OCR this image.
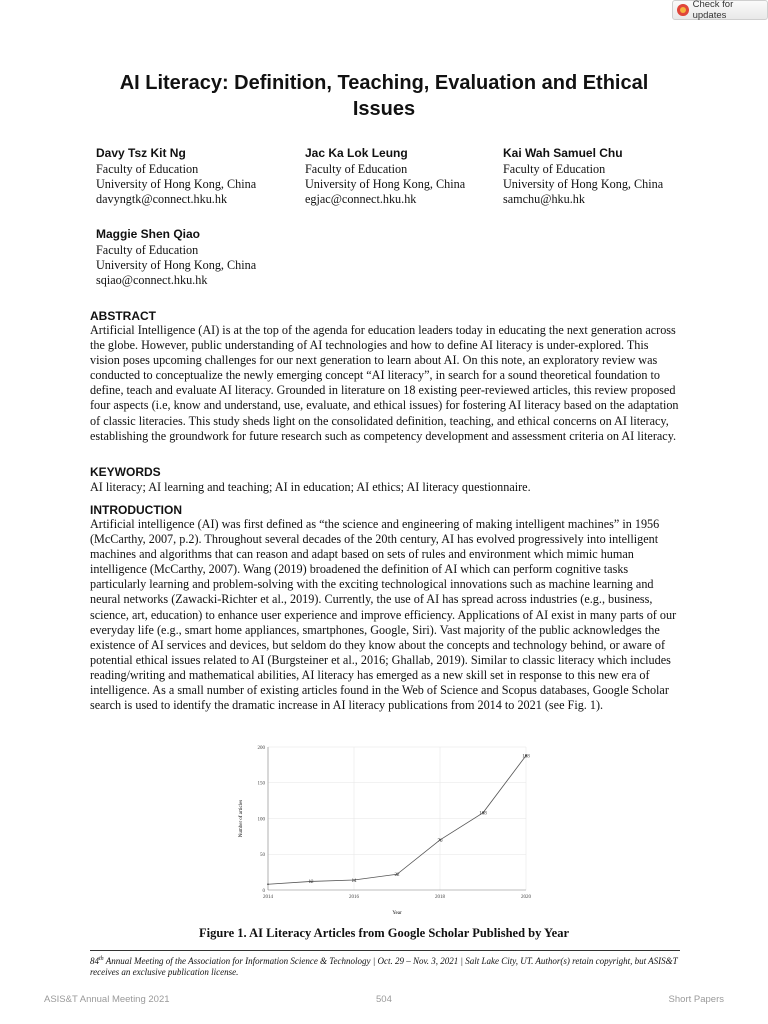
Check for updates
AI Literacy: Definition, Teaching, Evaluation and Ethical Issues
Davy Tsz Kit Ng
Faculty of Education
University of Hong Kong, China
davyngtk@connect.hku.hk
Jac Ka Lok Leung
Faculty of Education
University of Hong Kong, China
egjac@connect.hku.hk
Kai Wah Samuel Chu
Faculty of Education
University of Hong Kong, China
samchu@hku.hk
Maggie Shen Qiao
Faculty of Education
University of Hong Kong, China
sqiao@connect.hku.hk
ABSTRACT
Artificial Intelligence (AI) is at the top of the agenda for education leaders today in educating the next generation across the globe. However, public understanding of AI technologies and how to define AI literacy is under-explored. This vision poses upcoming challenges for our next generation to learn about AI. On this note, an exploratory review was conducted to conceptualize the newly emerging concept “AI literacy”, in search for a sound theoretical foundation to define, teach and evaluate AI literacy. Grounded in literature on 18 existing peer-reviewed articles, this review proposed four aspects (i.e, know and understand, use, evaluate, and ethical issues) for fostering AI literacy based on the adaptation of classic literacies. This study sheds light on the consolidated definition, teaching, and ethical concerns on AI literacy, establishing the groundwork for future research such as competency development and assessment criteria on AI literacy.
KEYWORDS
AI literacy; AI learning and teaching; AI in education; AI ethics; AI literacy questionnaire.
INTRODUCTION
Artificial intelligence (AI) was first defined as “the science and engineering of making intelligent machines” in 1956 (McCarthy, 2007, p.2). Throughout several decades of the 20th century, AI has evolved progressively into intelligent machines and algorithms that can reason and adapt based on sets of rules and environment which mimic human intelligence (McCarthy, 2007). Wang (2019) broadened the definition of AI which can perform cognitive tasks particularly learning and problem-solving with the exciting technological innovations such as machine learning and neural networks (Zawacki-Richter et al., 2019). Currently, the use of AI has spread across industries (e.g., business, science, art, education) to enhance user experience and improve efficiency. Applications of AI exist in many parts of our everyday life (e.g., smart home appliances, smartphones, Google, Siri). Vast majority of the public acknowledges the existence of AI services and devices, but seldom do they know about the concepts and technology behind, or aware of potential ethical issues related to AI (Burgsteiner et al., 2016; Ghallab, 2019). Similar to classic literacy which includes reading/writing and mathematical abilities, AI literacy has emerged as a new skill set in response to this new era of intelligence. As a small number of existing articles found in the Web of Science and Scopus databases, Google Scholar search is used to identify the dramatic increase in AI literacy publications from 2014 to 2021 (see Fig. 1).
0
50
100
150
200
2014	2016	2018	2020
12	14
22
70
108
188
Year
Number of articles
Figure 1. AI Literacy Articles from Google Scholar Published by Year
84th Annual Meeting of the Association for Information Science & Technology | Oct. 29 – Nov. 3, 2021 | Salt Lake City, UT. Author(s) retain copyright, but ASIS&T receives an exclusive publication license.
ASIS&T Annual Meeting 2021	504	Short Papers
